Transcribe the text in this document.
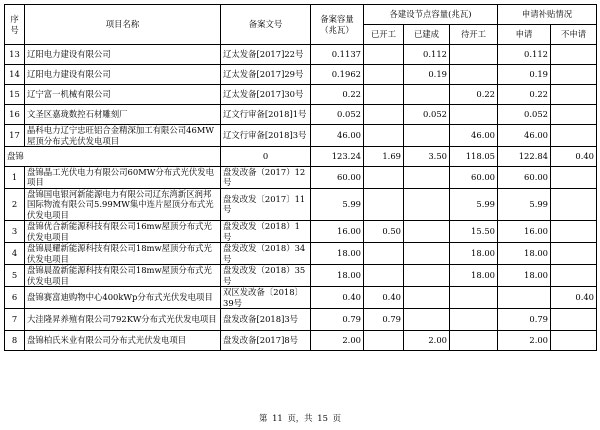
序号	项目名称	备案文号	备案容量（兆瓦）	各建设节点容量(兆瓦)			申请补贴情况	
				已开工	已建成	待开工	申请	不申请
13	辽阳电力建设有限公司	辽太发备[2017]22号	0.1137		0.112		0.112	
14	辽阳电力建设有限公司	辽太发备[2017]29号	0.1962		0.19		0.19	
15	辽宁富一机械有限公司	辽太发备[2017]30号	0.22			0.22	0.22	
16	文圣区嘉珑数控石材雕刻厂	辽文行审备[2018]1号	0.052		0.052		0.052	
17	晶科电力辽宁忠旺铝合金精深加工有限公司46MW屋顶分布式光伏发电项目	辽文行审备[2018]3号	46.00			46.00	46.00	
盘锦		0	123.24	1.69	3.50	118.05	122.84	0.40
1	盘锦晶工光伏电力有限公司60MW分布式光伏发电项目	盘发改备（2017）12号	60.00			60.00	60.00	
2	盘锦国电银河新能源电力有限公司辽东湾新区润邦国际物流有限公司5.99MW集中连片屋顶分布式光伏发电项目	盘发改发〔2017〕11号	5.99			5.99	5.99	
3	盘锦优合新能源科技有限公司16mw屋顶分布式光伏发电项目	盘发改发（2018）1号	16.00	0.50		15.50	16.00	
4	盘锦晨耀新能源科技有限公司18mw屋顶分布式光伏发电项目	盘发改发（2018）34号	18.00			18.00	18.00	
5	盘锦晨盈新能源科技有限公司18mw屋顶分布式光伏发电项目	盘发改发（2018）35号	18.00			18.00	18.00	
6	盘锦赛富迪购物中心400kWp分布式光伏发电项目	双区发改备〔2018〕39号	0.40	0.40				0.40
7	大洼隆昇养殖有限公司792KW分布式光伏发电项目	盘发改备[2018]3号	0.79	0.79			0.79	
8	盘锦柏氏米业有限公司分布式光伏发电项目	盘发改备[2017]8号	2.00		2.00		2.00	
第 11 页，共 15 页
